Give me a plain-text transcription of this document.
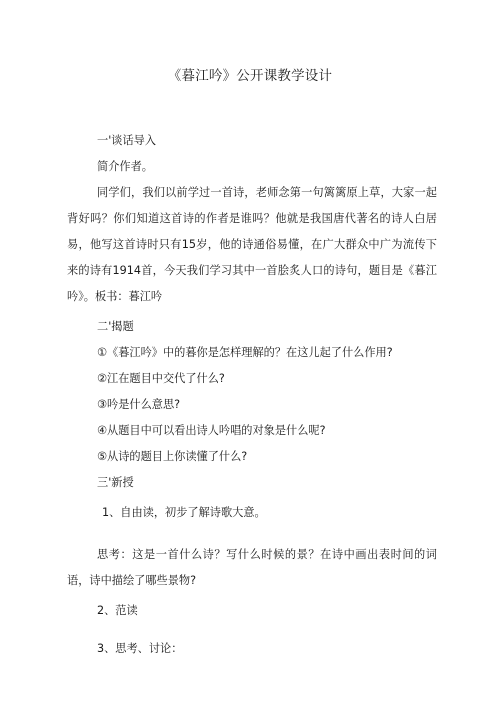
《暮江吟》公开课教学设计
一'谈话导入
简介作者。
同学们，我们以前学过一首诗，老师念第一句篱篱原上草，大家一起背好吗？你们知道这首诗的作者是谁吗？他就是我国唐代著名的诗人白居易，他写这首诗时只有15岁，他的诗通俗易懂，在广大群众中广为流传下来的诗有1914首，今天我们学习其中一首脍炙人口的诗句，题目是《暮江吟》。板书：暮江吟
二'揭题
①《暮江吟》中的暮你是怎样理解的？在这儿起了什么作用?
②江在题目中交代了什么?
③吟是什么意思?
④从题目中可以看出诗人吟唱的对象是什么呢?
⑤从诗的题目上你读懂了什么?
三'新授
1、自由读，初步了解诗歌大意。
思考：这是一首什么诗？写什么时候的景？在诗中画出表时间的词语，诗中描绘了哪些景物?
2、范读
3、思考、讨论：
